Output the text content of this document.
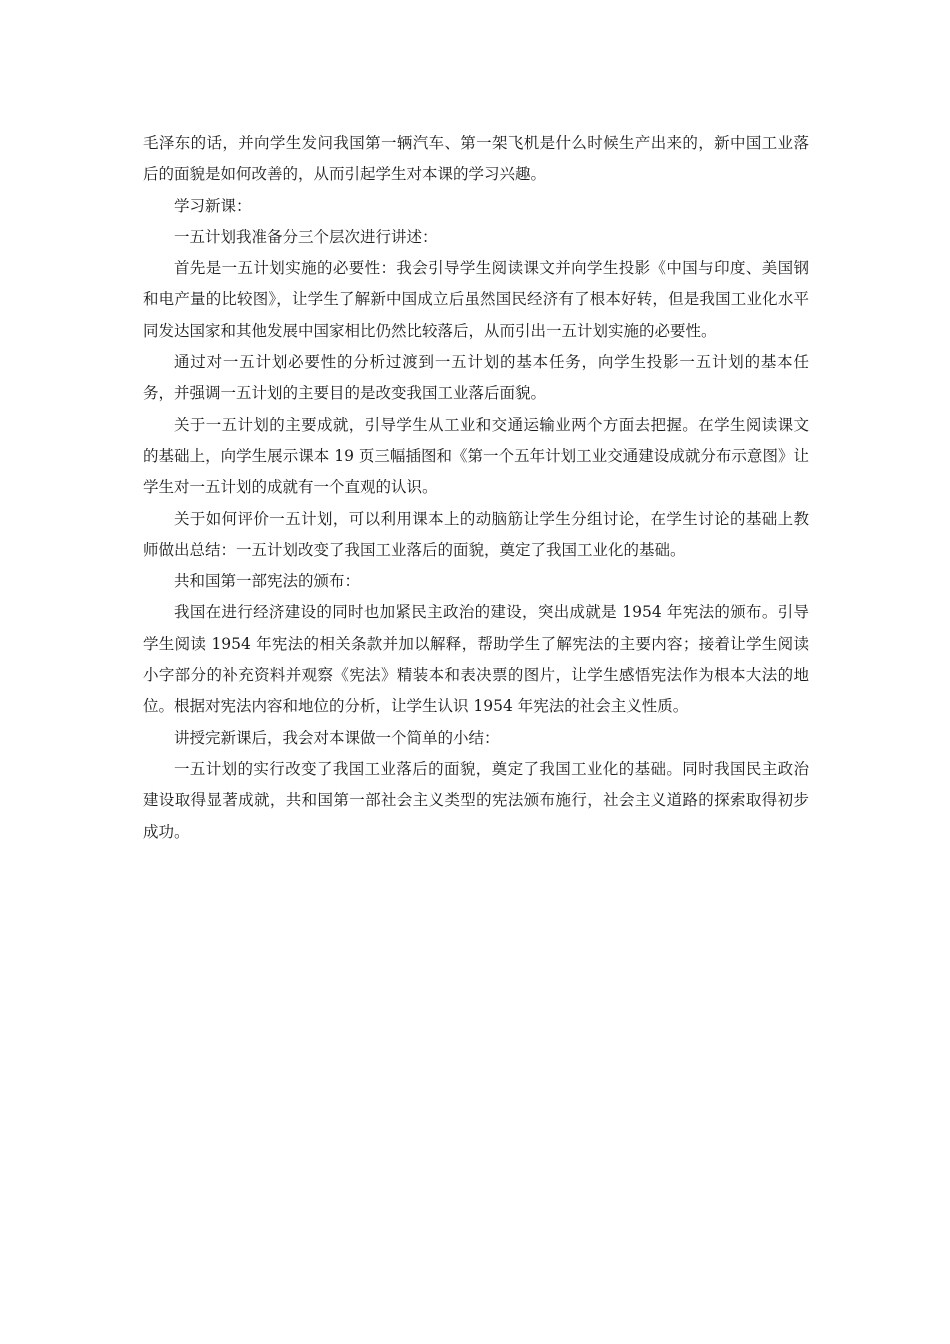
毛泽东的话，并向学生发问我国第一辆汽车、第一架飞机是什么时候生产出来的，新中国工业落后的面貌是如何改善的，从而引起学生对本课的学习兴趣。

学习新课：

一五计划我准备分三个层次进行讲述：

首先是一五计划实施的必要性：我会引导学生阅读课文并向学生投影《中国与印度、美国钢和电产量的比较图》，让学生了解新中国成立后虽然国民经济有了根本好转，但是我国工业化水平同发达国家和其他发展中国家相比仍然比较落后，从而引出一五计划实施的必要性。

通过对一五计划必要性的分析过渡到一五计划的基本任务，向学生投影一五计划的基本任务，并强调一五计划的主要目的是改变我国工业落后面貌。

关于一五计划的主要成就，引导学生从工业和交通运输业两个方面去把握。在学生阅读课文的基础上，向学生展示课本 19 页三幅插图和《第一个五年计划工业交通建设成就分布示意图》让学生对一五计划的成就有一个直观的认识。

关于如何评价一五计划，可以利用课本上的动脑筋让学生分组讨论，在学生讨论的基础上教师做出总结：一五计划改变了我国工业落后的面貌，奠定了我国工业化的基础。

共和国第一部宪法的颁布：

我国在进行经济建设的同时也加紧民主政治的建设，突出成就是 1954 年宪法的颁布。引导学生阅读 1954 年宪法的相关条款并加以解释，帮助学生了解宪法的主要内容；接着让学生阅读小字部分的补充资料并观察《宪法》精装本和表决票的图片，让学生感悟宪法作为根本大法的地位。根据对宪法内容和地位的分析，让学生认识 1954 年宪法的社会主义性质。

讲授完新课后，我会对本课做一个简单的小结：

一五计划的实行改变了我国工业落后的面貌，奠定了我国工业化的基础。同时我国民主政治建设取得显著成就，共和国第一部社会主义类型的宪法颁布施行，社会主义道路的探索取得初步成功。
